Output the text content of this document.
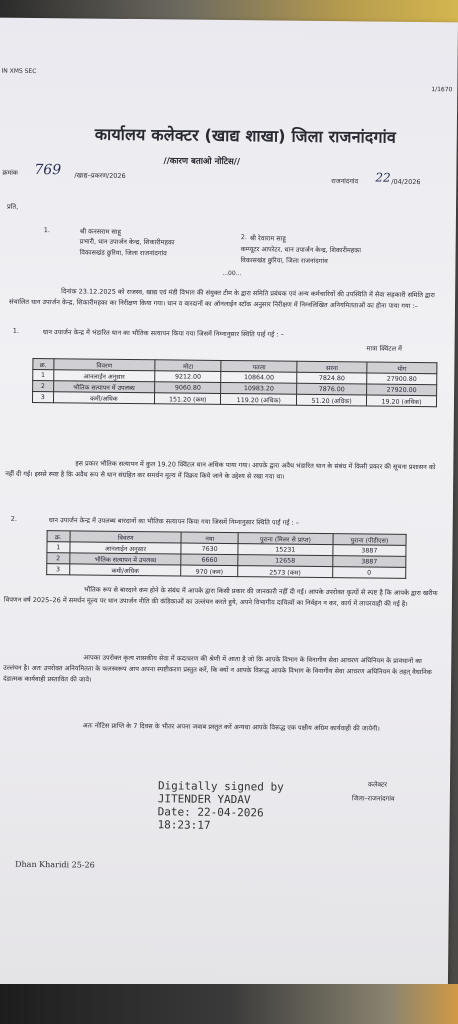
IN XMS SEC
1/1670
कार्यालय कलेक्टर (खाद्य शाखा) जिला राजनांदगांव
//कारण बताओ नोटिस//
क्रमांक 769 /खाद्य–प्रकरण/2026
राजनांदगांव 22 /04/2026
प्रति,
1.	श्री कनसराम साहू
प्रभारी, धान उपार्जन केन्द्र, शिकारीमहका
विकासखंड छुरिया, जिला राजनांदगांव
2. श्री रेवाराम साहू
कम्प्यूटर आपरेटर, धान उपार्जन केन्द्र, शिकारीमहका
विकासखंड छुरिया, जिला राजनांदगांव
...00...
दिनांक 23.12.2025 को राजस्व, खाद्य एवं मंडी विभाग की संयुक्त टीम के द्वारा समिति प्रबंधक एवं अन्य कर्मचारियों की उपस्थिति में सेवा सहकारी समिति द्वारा संचालित धान उपार्जन केन्द्र, शिकारीमहका का निरीक्षण किया गया। धान व बारदानों का ऑनलाईन स्टॉक अनुसार निरीक्षण में निम्नलिखित अनियमितताओं का होना पाया गया :–
1.	धान उपार्जन केन्द्र में भंडारित धान का भौतिक सत्यापन किया गया जिसमें निम्नानुसार स्थिति पाई गई : –
मात्रा क्विंटल में
क्र.	विवरण	मोटा	पतला	सरना	योग
1	आनलाईन अनुसार	9212.00	10864.00	7824.80	27900.80
2	भौतिक सत्यापन में उपलब्ध	9060.80	10983.20	7876.00	27920.00
3	कमी/अधिक	151.20 (कम)	119.20 (अधिक)	51.20 (अधिक)	19.20 (अधिक)
इस प्रकार भौतिक सत्यापन में कुल 19.20 क्विंटल धान अधिक पाया गया। आपके द्वारा अवैध भंडारित धान के संबंध में किसी प्रकार की सूचना प्रशासन को नहीं दी गई। इससे स्पष्ट है कि अवैध रूप से धान संग्रहित कर समर्थन मूल्य में विक्रय किये जाने के उद्देश्य से रखा गया था।
2.	धान उपार्जन केन्द्र में उपलब्ध बारदानों का भौतिक सत्यापन किया गया जिसमें निम्नानुसार स्थिति पाई गई : –
क्र.	विवरण	नया	पुराना (मिलर से प्राप्त)	पुराना (पीडीएस)
1	आनलाईन अनुसार	7630	15231	3887
2	भौतिक सत्यापन में उपलब्ध	6660	12658	3887
3	कमी/अधिक	970 (कम)	2573 (कम)	0
भौतिक रूप से बारदाने कम होने के संबंध में आपके द्वारा किसी प्रकार की जानकारी नहीं दी गई। आपके उपरोक्त कृत्यों से स्पष्ट है कि आपके द्वारा खरीफ विपणन वर्ष 2025–26 में समर्थन मूल्य पर धान उपार्जन नीति की कंडिकाओं का उल्लंघन करते हुये, अपने विभागीय दायित्वों का निर्वहन न कर, कार्य में लापरवाही की गई है।
आपका उपरोक्त कृत्य शासकीय सेवा में कदाचरण की श्रेणी में आता है जो कि आपके विभाग के विनागीय सेवा आचरण अधिनियम के प्रावधानों का उल्लंघन है। अतः उपरोक्त अनियमितता के फलस्वरूप आप अपना स्पष्टीकरण प्रस्तुत करें, कि क्यों न आपके विरूद्ध आपके विभाग के विनागीय सेवा आचरण अधिनियम के तहत् वैधानिक दंडात्मक कार्यवाही प्रस्तावित की जावे।
अतः नोटिस प्राप्ति के 7 दिवस के भीतर अपना जवाब प्रस्तुत करें अन्यथा आपके विरूद्ध एक पक्षीय अग्रिम कार्यवाही की जायेगी।
Digitally signed by
JITENDER YADAV
Date: 22-04-2026
18:23:17
कलेक्टर
जिला–राजनांदगांव
Dhan Kharidi 25-26
